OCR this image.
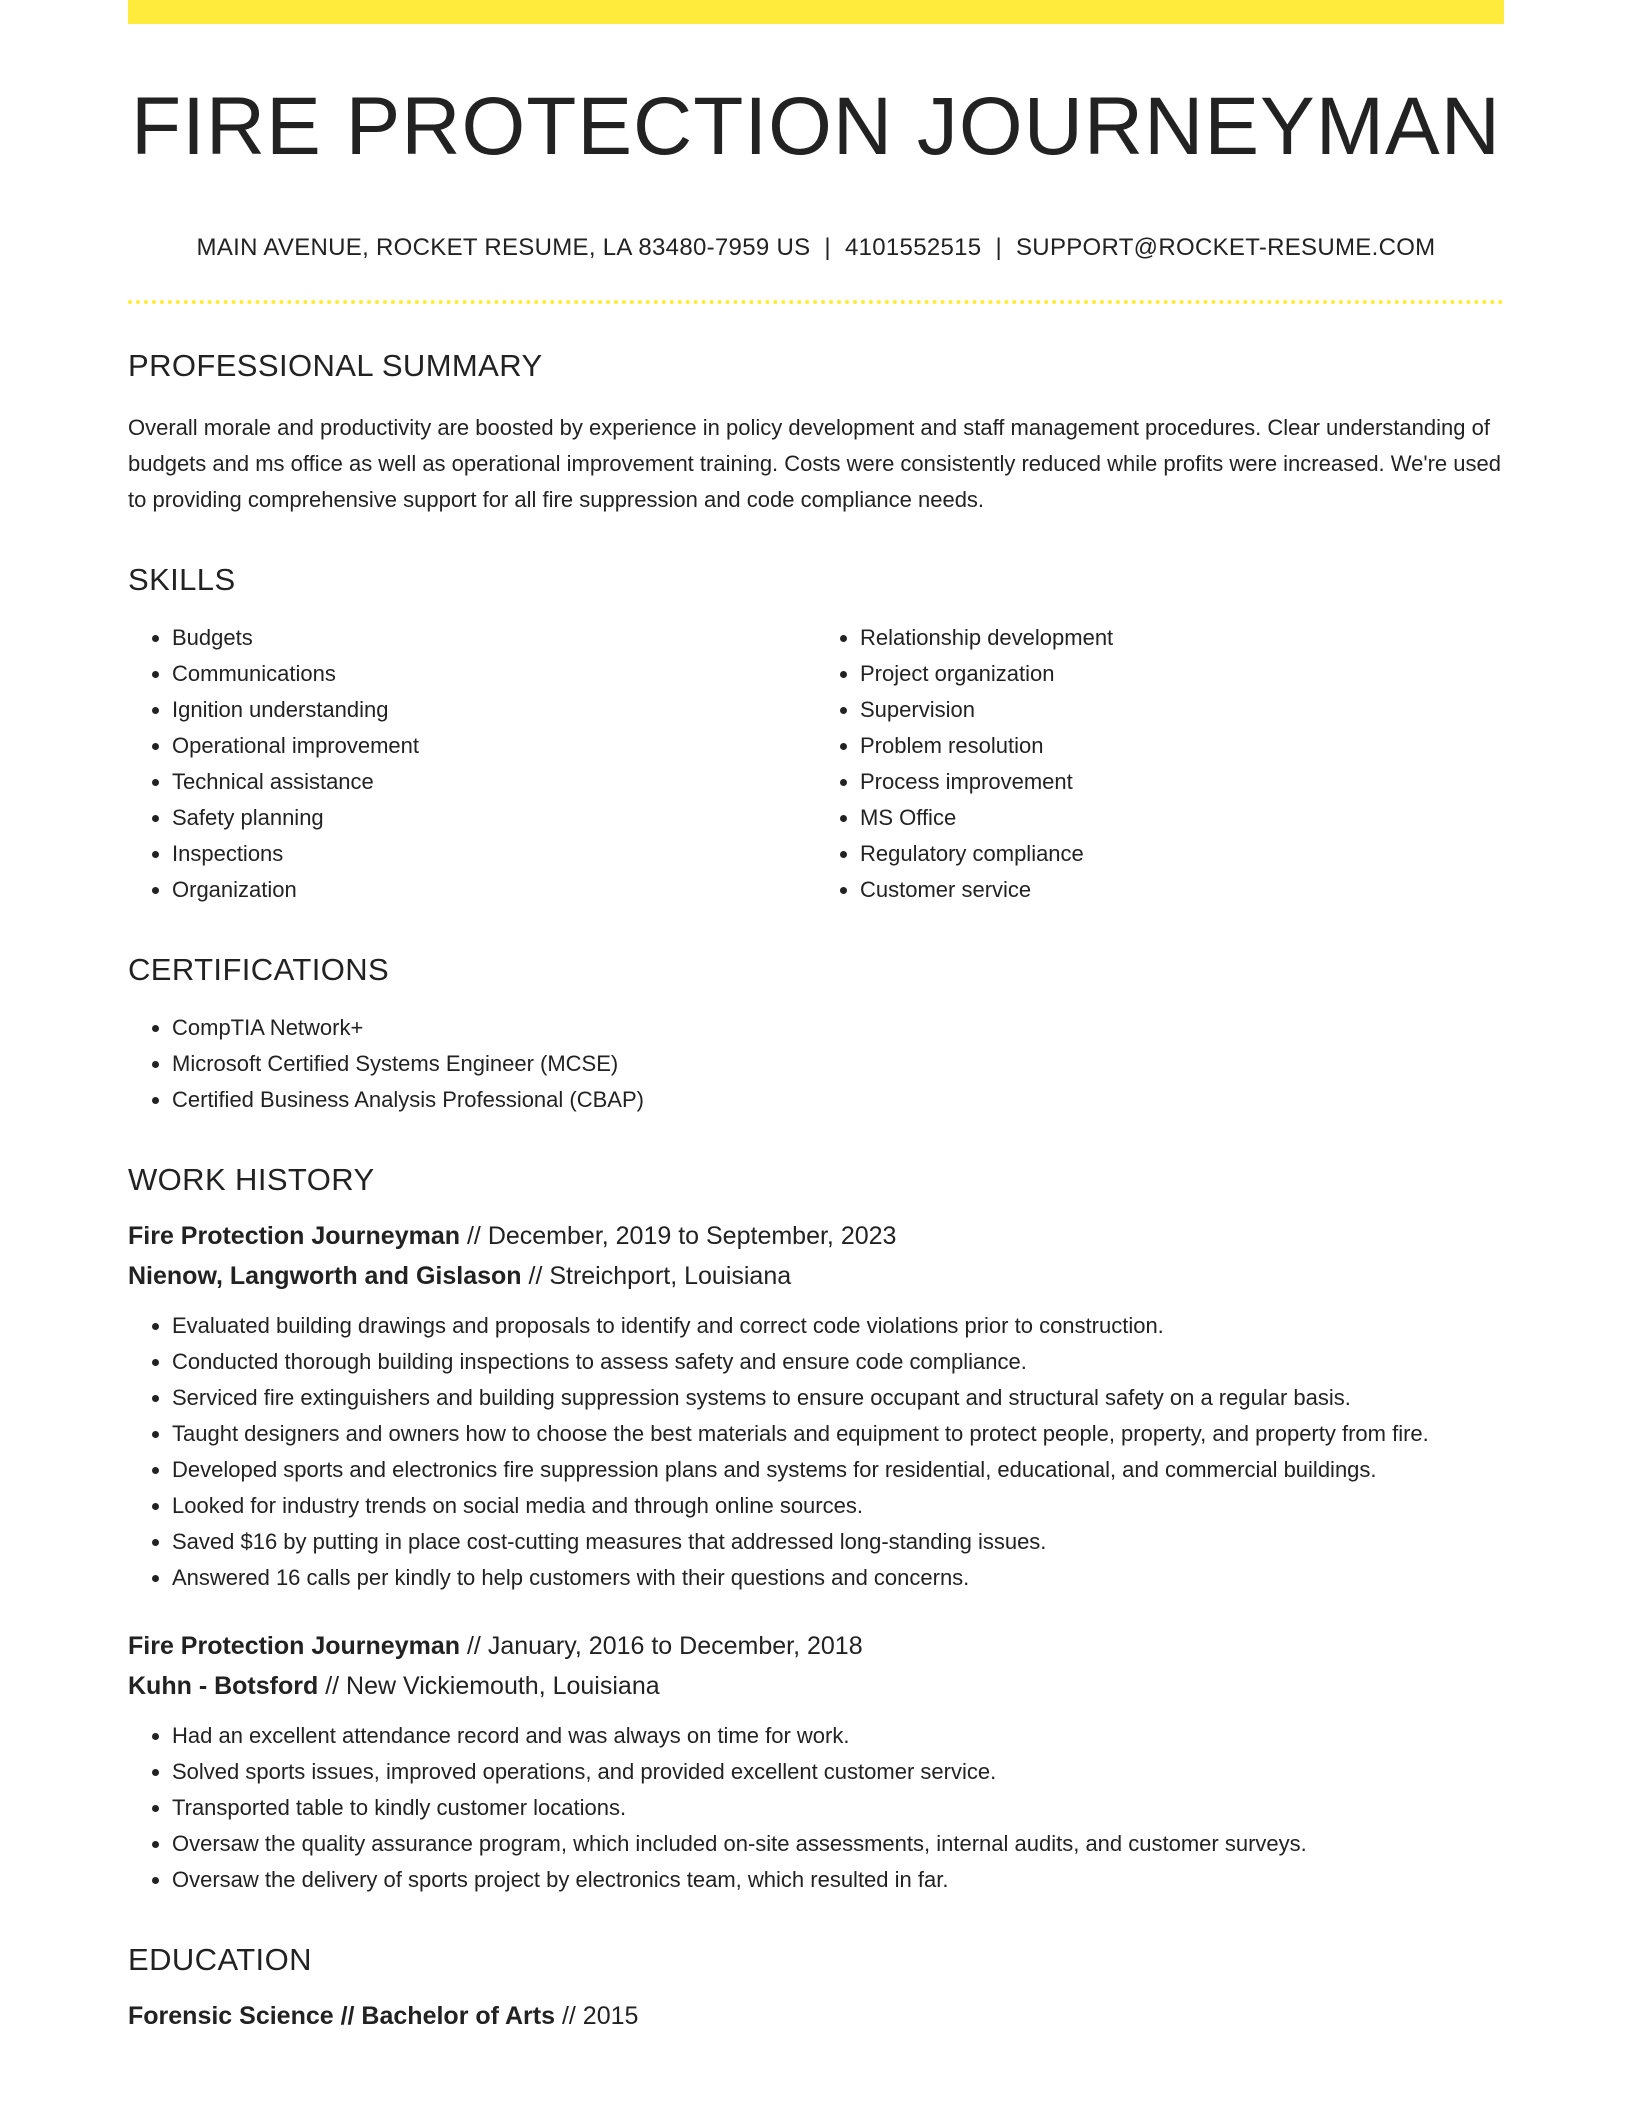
FIRE PROTECTION JOURNEYMAN
MAIN AVENUE, ROCKET RESUME, LA 83480-7959 US | 4101552515 | SUPPORT@ROCKET-RESUME.COM
PROFESSIONAL SUMMARY

Overall morale and productivity are boosted by experience in policy development and staff management procedures. Clear understanding of budgets and ms office as well as operational improvement training. Costs were consistently reduced while profits were increased. We're used to providing comprehensive support for all fire suppression and code compliance needs.

SKILLS
• Budgets
• Communications
• Ignition understanding
• Operational improvement
• Technical assistance
• Safety planning
• Inspections
• Organization
• Relationship development
• Project organization
• Supervision
• Problem resolution
• Process improvement
• MS Office
• Regulatory compliance
• Customer service
CERTIFICATIONS
• CompTIA Network+
• Microsoft Certified Systems Engineer (MCSE)
• Certified Business Analysis Professional (CBAP)
WORK HISTORY
Fire Protection Journeyman // December, 2019 to September, 2023
Nienow, Langworth and Gislason // Streichport, Louisiana
• Evaluated building drawings and proposals to identify and correct code violations prior to construction.
• Conducted thorough building inspections to assess safety and ensure code compliance.
• Serviced fire extinguishers and building suppression systems to ensure occupant and structural safety on a regular basis.
• Taught designers and owners how to choose the best materials and equipment to protect people, property, and property from fire.
• Developed sports and electronics fire suppression plans and systems for residential, educational, and commercial buildings.
• Looked for industry trends on social media and through online sources.
• Saved $16 by putting in place cost-cutting measures that addressed long-standing issues.
• Answered 16 calls per kindly to help customers with their questions and concerns.
Fire Protection Journeyman // January, 2016 to December, 2018
Kuhn - Botsford // New Vickiemouth, Louisiana
• Had an excellent attendance record and was always on time for work.
• Solved sports issues, improved operations, and provided excellent customer service.
• Transported table to kindly customer locations.
• Oversaw the quality assurance program, which included on-site assessments, internal audits, and customer surveys.
• Oversaw the delivery of sports project by electronics team, which resulted in far.
EDUCATION
Forensic Science // Bachelor of Arts // 2015
